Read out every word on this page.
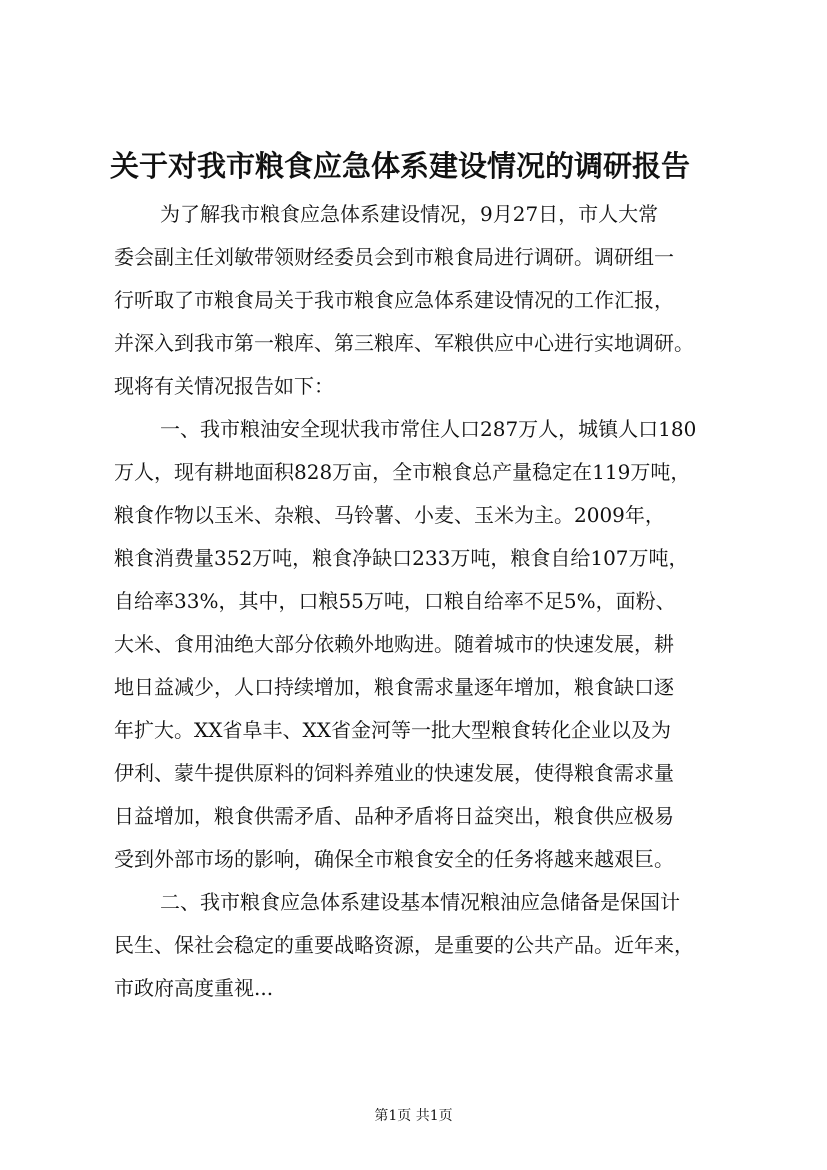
关于对我市粮食应急体系建设情况的调研报告
为了解我市粮食应急体系建设情况，9月27日，市人大常
委会副主任刘敏带领财经委员会到市粮食局进行调研。调研组一
行听取了市粮食局关于我市粮食应急体系建设情况的工作汇报，
并深入到我市第一粮库、第三粮库、军粮供应中心进行实地调研。
现将有关情况报告如下：
一、我市粮油安全现状我市常住人口287万人，城镇人口180
万人，现有耕地面积828万亩，全市粮食总产量稳定在119万吨，
粮食作物以玉米、杂粮、马铃薯、小麦、玉米为主。2009年，
粮食消费量352万吨，粮食净缺口233万吨，粮食自给107万吨，
自给率33%，其中，口粮55万吨，口粮自给率不足5%，面粉、
大米、食用油绝大部分依赖外地购进。随着城市的快速发展，耕
地日益减少，人口持续增加，粮食需求量逐年增加，粮食缺口逐
年扩大。XX省阜丰、XX省金河等一批大型粮食转化企业以及为
伊利、蒙牛提供原料的饲料养殖业的快速发展，使得粮食需求量
日益增加，粮食供需矛盾、品种矛盾将日益突出，粮食供应极易
受到外部市场的影响，确保全市粮食安全的任务将越来越艰巨。
二、我市粮食应急体系建设基本情况粮油应急储备是保国计
民生、保社会稳定的重要战略资源，是重要的公共产品。近年来，
市政府高度重视...
第1页 共1页
